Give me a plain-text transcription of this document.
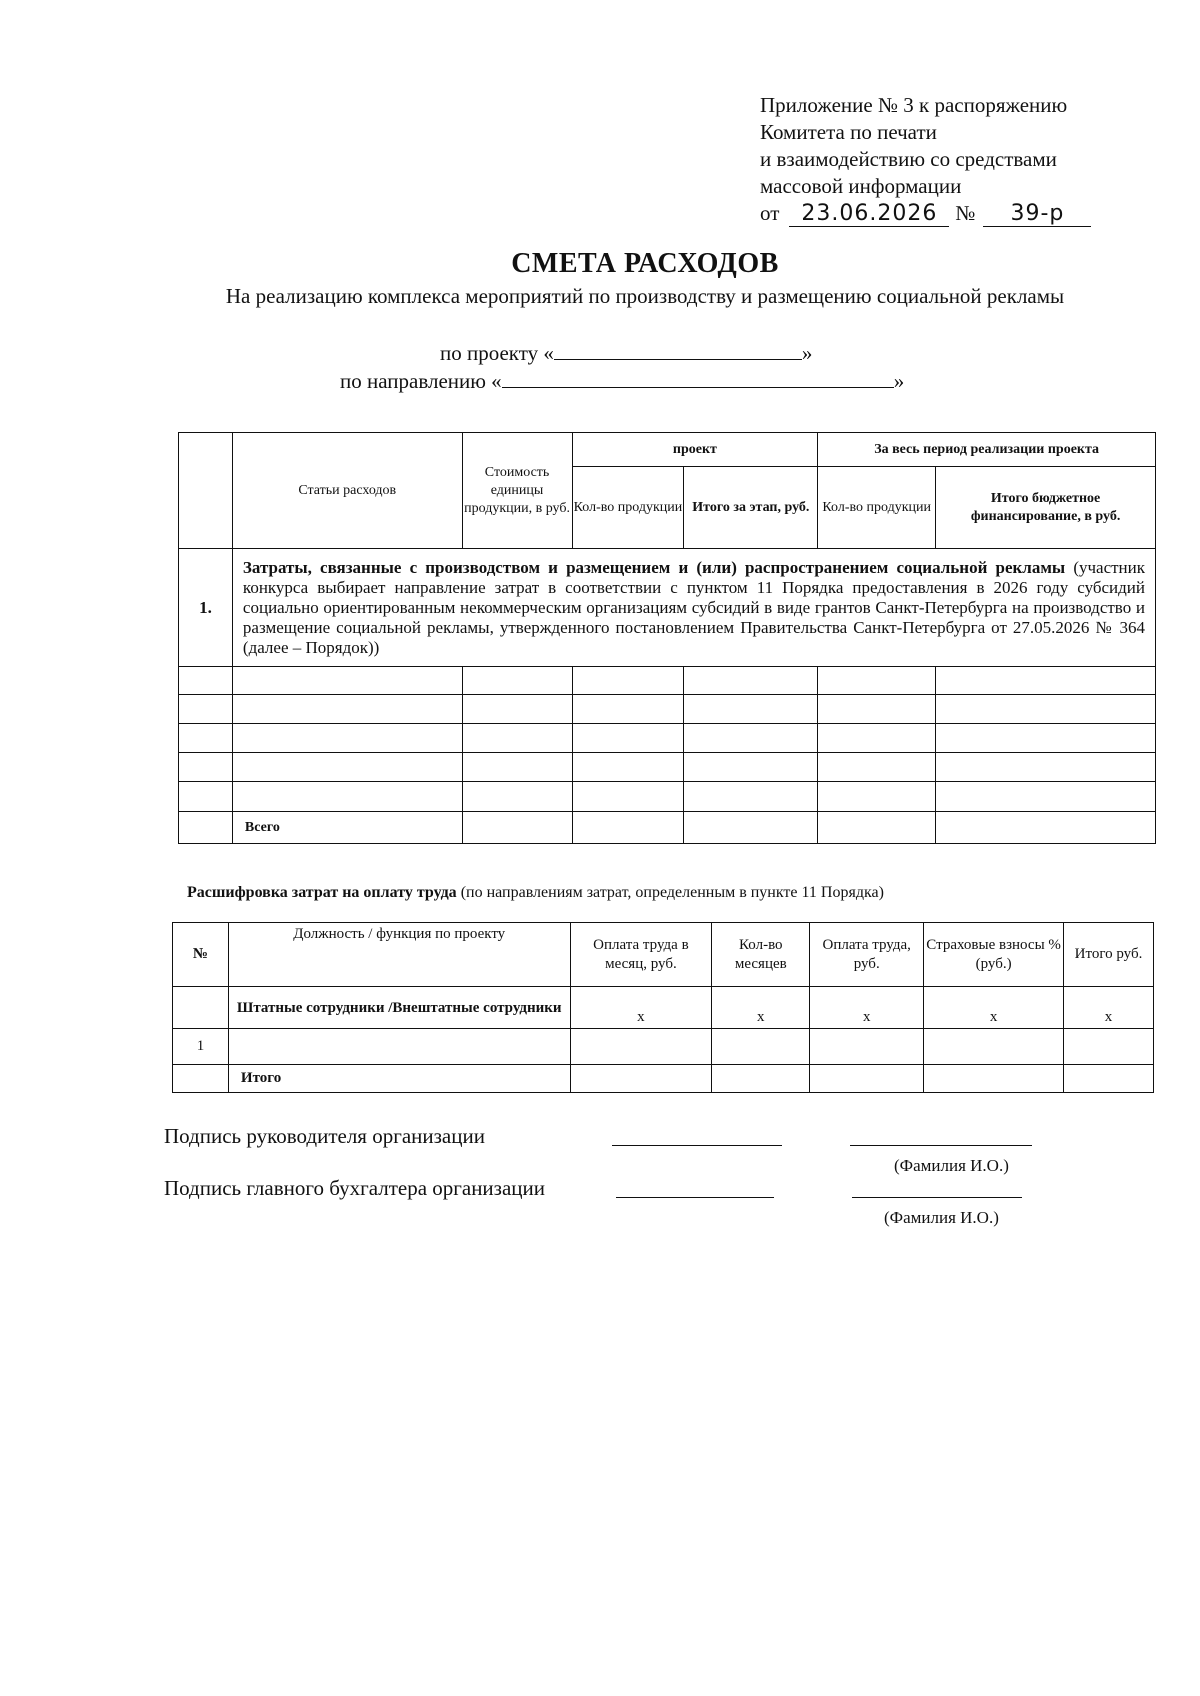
Приложение № 3 к распоряжению
Комитета по печати
и взаимодействию со средствами
массовой информации
от	23.06.2026 №	39-р
СМЕТА РАСХОДОВ
На реализацию комплекса мероприятий по производству и размещению социальной рекламы
по проекту «	»
по направлению «	»
	Статьи расходов	Стоимость единицы продукции, в руб.	проект		За весь период реализации проекта	
			Кол-во продукции	Итого за этап, руб.	Кол-во продукции	Итого бюджетное финансирование, в руб.
1.	Затраты, связанные с производством и размещением и (или) распространением социальной рекламы (участник конкурса выбирает направление затрат в соответствии с пунктом 11 Порядка предоставления в 2026 году субсидий социально ориентированным некоммерческим организациям субсидий в виде грантов Санкт-Петербурга на производство и размещение социальной рекламы, утвержденного постановлением Правительства Санкт-Петербурга от 27.05.2026 № 364 (далее – Порядок))					

	Всего					
Расшифровка затрат на оплату труда (по направлениям затрат, определенным в пункте 11 Порядка)
№	Должность / функция по проекту	Оплата труда в месяц, руб.	Кол-во месяцев	Оплата труда, руб.	Страховые взносы % (руб.)	Итого руб.
	Штатные сотрудники /Внештатные сотрудники	x	x	x	x	x
1						
	Итого					
Подпись руководителя организации
(Фамилия И.О.)
Подпись главного бухгалтера организации
(Фамилия И.О.)
